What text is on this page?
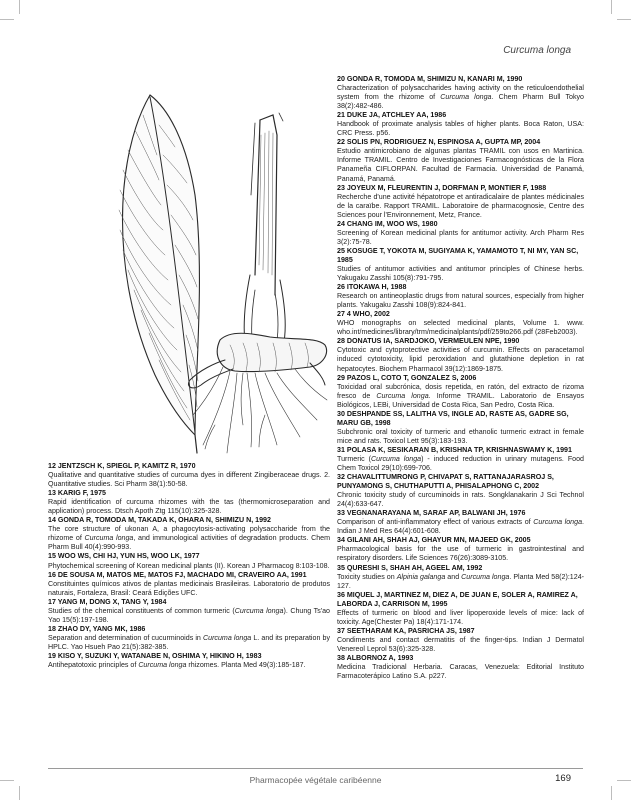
Curcuma longa
12 JENTZSCH K, SPIEGL P, KAMITZ R, 1970
Qualitative and quantitative studies of curcuma dyes in different Zingiberaceae drugs. 2. Quantitative studies. Sci Pharm 38(1):50-58.
13 KARIG F, 1975
Rapid identification of curcuma rhizomes with the tas (thermomicroseparation and application) process. Dtsch Apoth Ztg 115(10):325-328.
14 GONDA R, TOMODA M, TAKADA K, OHARA N, SHIMIZU N, 1992
The core structure of ukonan A, a phagocytosis-activating polysaccharide from the rhizome of Curcuma longa, and immunological activities of degradation products. Chem Pharm Bull 40(4):990-993.
15 WOO WS, CHI HJ, YUN HS, WOO LK, 1977
Phytochemical screening of Korean medicinal plants (II). Korean J Pharmacog 8:103-108.
16 DE SOUSA M, MATOS ME, MATOS FJ, MACHADO MI, CRAVEIRO AA, 1991
Constituintes químicos ativos de plantas medicinais Brasileiras. Laboratorio de produtos naturais, Fortaleza, Brasil: Ceará Edições UFC.
17 YANG M, DONG X, TANG Y, 1984
Studies of the chemical constituents of common turmeric (Curcuma longa). Chung Ts'ao Yao 15(5):197-198.
18 ZHAO DY, YANG MK, 1986
Separation and determination of cucurminoids in Curcuma longa L. and its preparation by HPLC. Yao Hsueh Pao 21(5):382-385.
19 KISO Y, SUZUKI Y, WATANABE N, OSHIMA Y, HIKINO H, 1983
Antihepatotoxic principles of Curcuma longa rhizomes. Planta Med 49(3):185-187.
20 GONDA R, TOMODA M, SHIMIZU N, KANARI M, 1990
Characterization of polysaccharides having activity on the reticuloendothelial system from the rhizome of Curcuma longa. Chem Pharm Bull Tokyo 38(2):482-486.
21 DUKE JA, ATCHLEY AA, 1986
Handbook of proximate analysis tables of higher plants. Boca Raton, USA: CRC Press. p56.
22 SOLIS PN, RODRIGUEZ N, ESPINOSA A, GUPTA MP, 2004
Estudio antimicrobiano de algunas plantas TRAMIL con usos en Martinica. Informe TRAMIL. Centro de Investigaciones Farmacognósticas de la Flora Panameña CIFLORPAN. Facultad de Farmacia. Universidad de Panamá, Panamá, Panamá.
23 JOYEUX M, FLEURENTIN J, DORFMAN P, MONTIER F, 1988
Recherche d'une activité hépatotrope et antiradicalaire de plantes médicinales de la caraïbe. Rapport TRAMIL. Laboratoire de pharmacognosie, Centre des Sciences pour l'Environnement, Metz, France.
24 CHANG IM, WOO WS, 1980
Screening of Korean medicinal plants for antitumor activity. Arch Pharm Res 3(2):75-78.
25 KOSUGE T, YOKOTA M, SUGIYAMA K, YAMAMOTO T, NI MY, YAN SC, 1985
Studies of antitumor activities and antitumor principles of Chinese herbs. Yakugaku Zasshi 105(8):791-795.
26 ITOKAWA H, 1988
Research on antineoplastic drugs from natural sources, especially from higher plants. Yakugaku Zasshi 108(9):824-841.
27 4 WHO, 2002
WHO monographs on selected medicinal plants, Volume 1. www. who.int/medicines/library/trm/medicinalplants/pdf/259to266.pdf (28Feb2003).
28 DONATUS IA, SARDJOKO, VERMEULEN NPE, 1990
Cytotoxic and cytoprotective activities of curcumin. Effects on paracetamol induced cytotoxicity, lipid peroxidation and glutathione depletion in rat hepatocytes. Biochem Pharmacol 39(12):1869-1875.
29 PAZOS L, COTO T, GONZALEZ S, 2006
Toxicidad oral subcrónica, dosis repetida, en ratón, del extracto de rizoma fresco de Curcuma longa. Informe TRAMIL. Laboratorio de Ensayos Biológicos, LEBi, Universidad de Costa Rica, San Pedro, Costa Rica.
30 DESHPANDE SS, LALITHA VS, INGLE AD, RASTE AS, GADRE SG, MARU GB, 1998
Subchronic oral toxicity of turmeric and ethanolic turmeric extract in female mice and rats. Toxicol Lett 95(3):183-193.
31 POLASA K, SESIKARAN B, KRISHNA TP, KRISHNASWAMY K, 1991
Turmeric (Curcuma longa) - induced reduction in urinary mutagens. Food Chem Toxicol 29(10):699-706.
32 CHAVALITTUMRONG P, CHIVAPAT S, RATTANAJARASROJ S, PUNYAMONG S, CHUTHAPUTTI A, PHISALAPHONG C, 2002
Chronic toxicity study of curcuminoids in rats. Songklanakarin J Sci Technol 24(4):633-647.
33 VEGNANARAYANA M, SARAF AP, BALWANI JH, 1976
Comparison of anti-inflammatory effect of various extracts of Curcuma longa. Indian J Med Res 64(4):601-608.
34 GILANI AH, SHAH AJ, GHAYUR MN, MAJEED GK, 2005
Pharmacological basis for the use of turmeric in gastrointestinal and respiratory disorders. Life Sciences 76(26):3089-3105.
35 QURESHI S, SHAH AH, AGEEL AM, 1992
Toxicity studies on Alpinia galanga and Curcuma longa. Planta Med 58(2):124-127.
36 MIQUEL J, MARTINEZ M, DIEZ A, DE JUAN E, SOLER A, RAMIREZ A, LABORDA J, CARRISON M, 1995
Effects of turmeric on blood and liver lipoperoxide levels of mice: lack of toxicity. Age(Chester Pa) 18(4):171-174.
37 SEETHARAM KA, PASRICHA JS, 1987
Condiments and contact dermatitis of the finger-tips. Indian J Dermatol Venereol Leprol 53(6):325-328.
38 ALBORNOZ A, 1993
Medicina Tradicional Herbaria. Caracas, Venezuela: Editorial Instituto Farmacoterápico Latino S.A. p227.
Pharmacopée végétale caribéenne	169
